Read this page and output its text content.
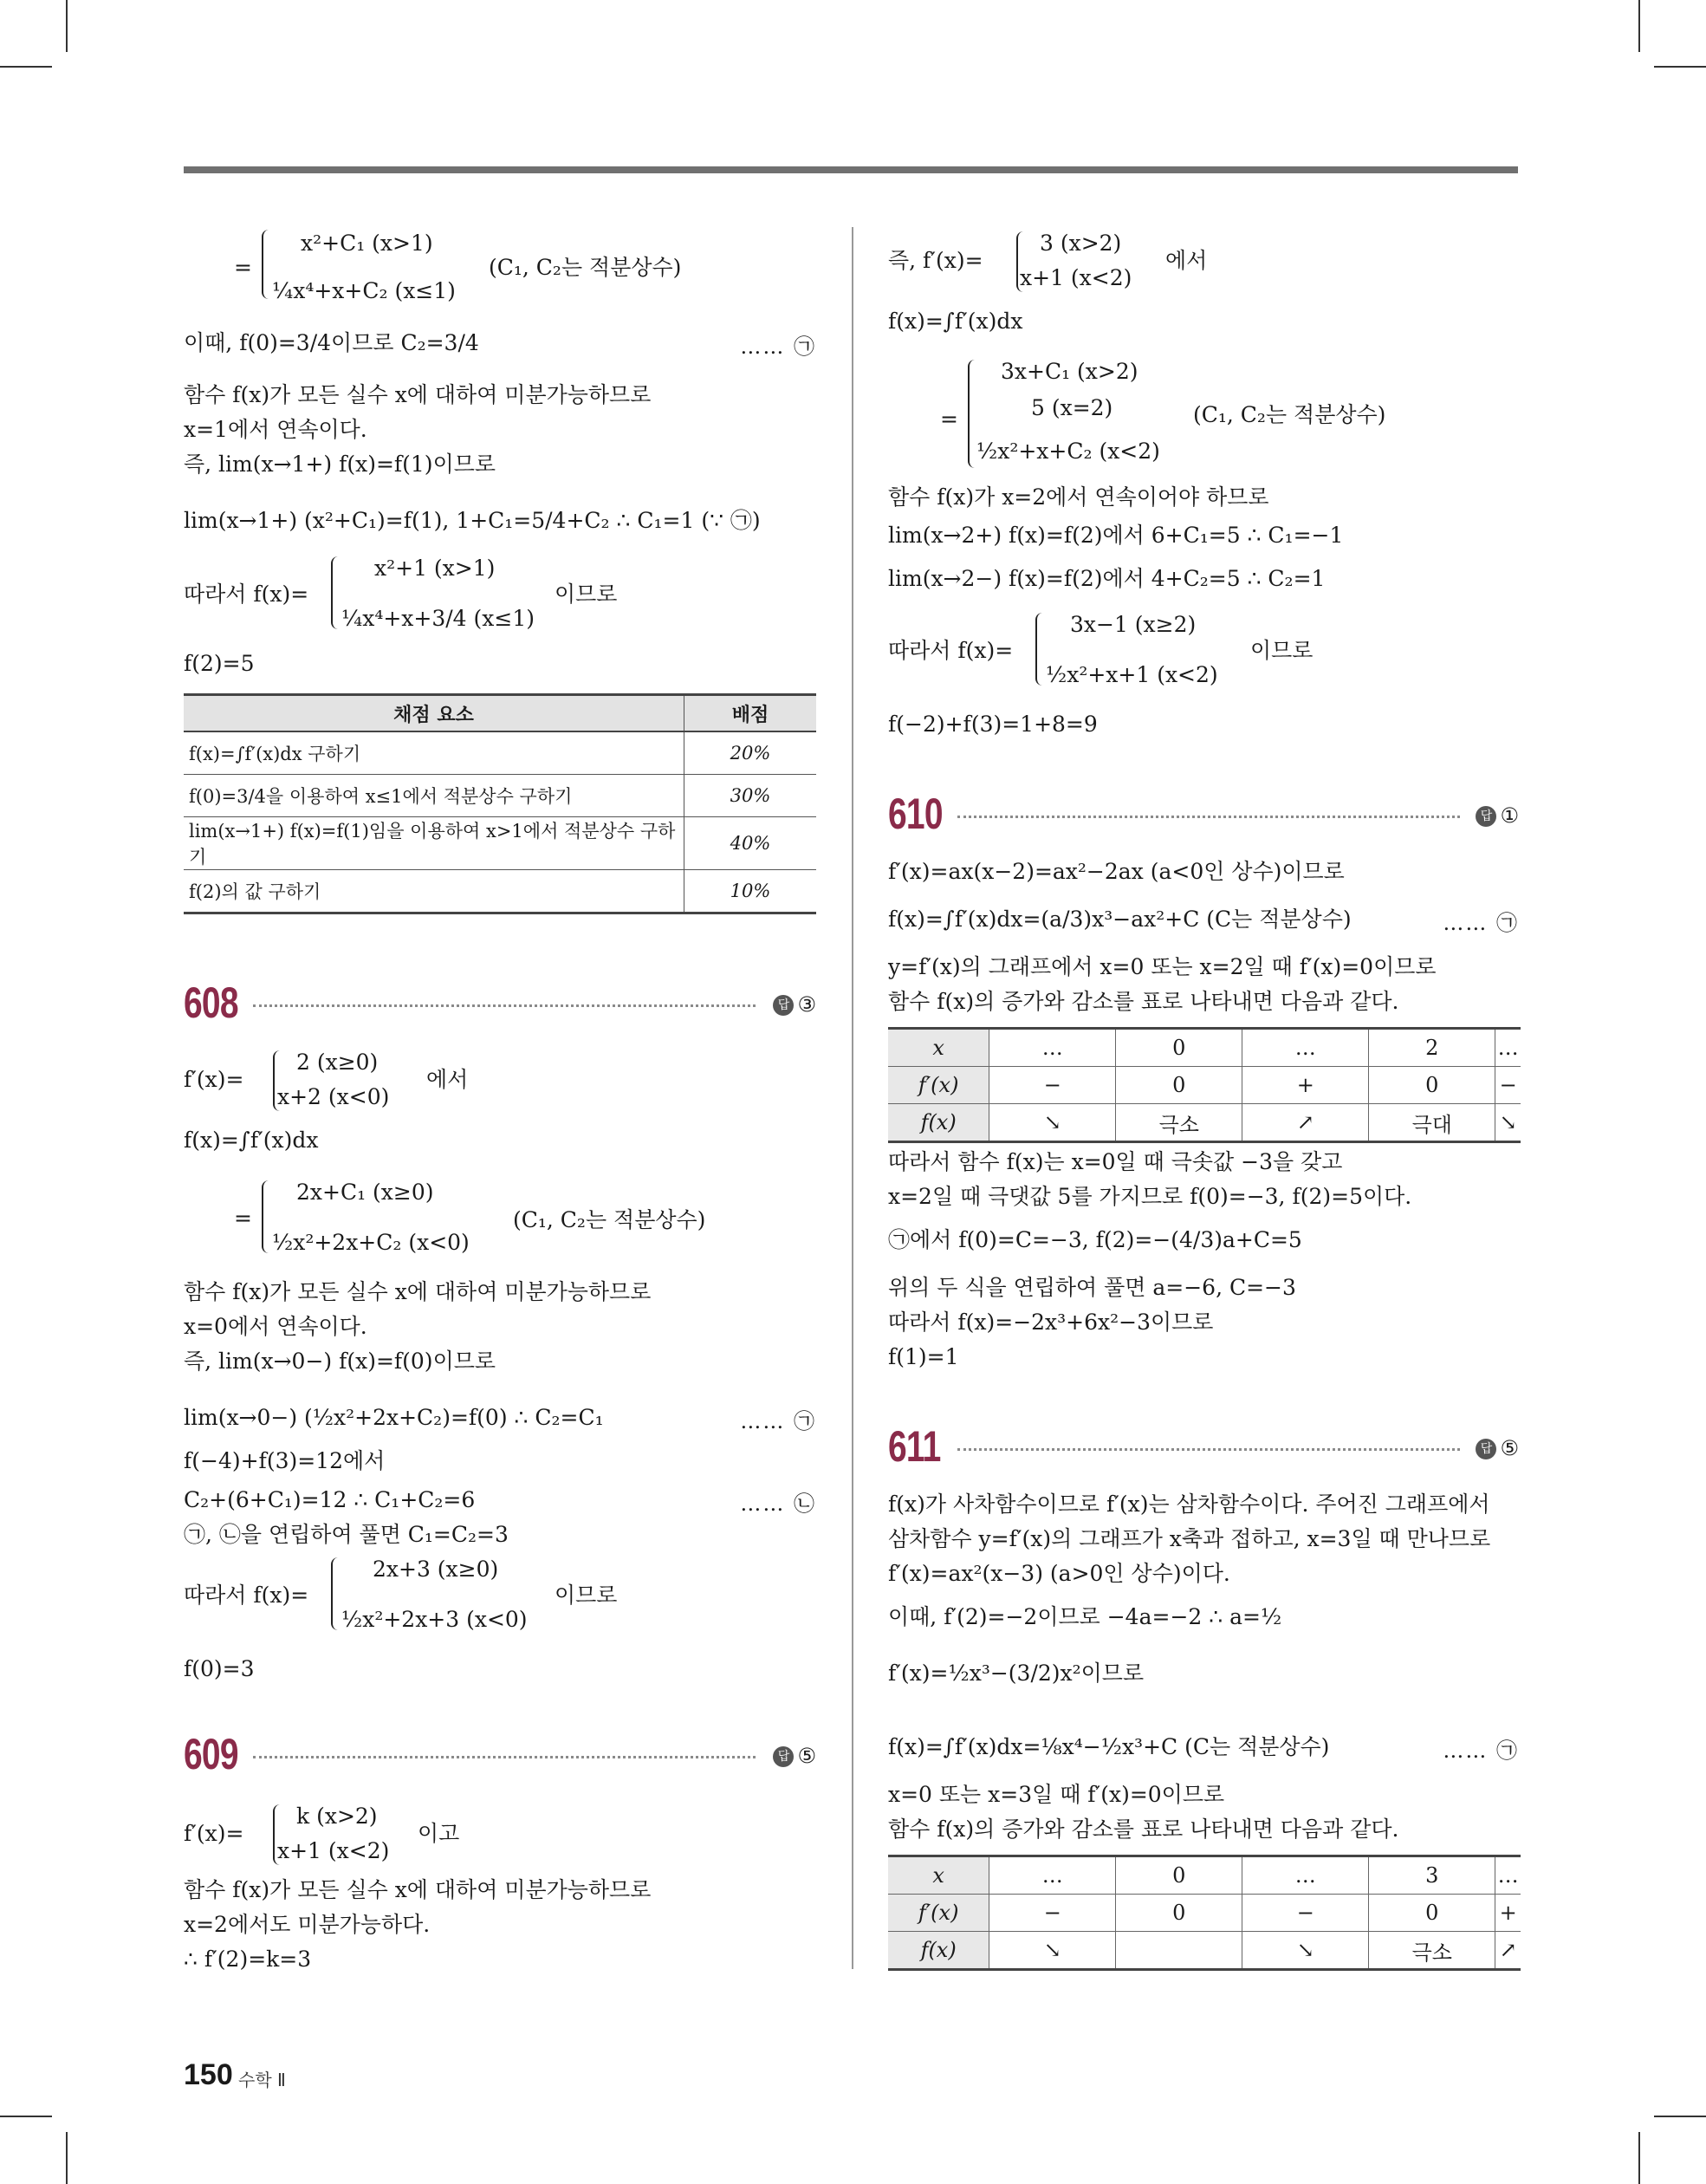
x²+C₁ (x>1)
=
¼x⁴+x+C₂ (x≤1)
(C₁, C₂는 적분상수)
이때, f(0)=3/4이므로 C₂=3/4	…… ㉠
함수 f(x)가 모든 실수 x에 대하여 미분가능하므로
x=1에서 연속이다.
즉, lim(x→1+) f(x)=f(1)이므로
lim(x→1+) (x²+C₁)=f(1), 1+C₁=5/4+C₂ ∴ C₁=1 (∵ ㉠)
x²+1 (x>1)
따라서 f(x)=
¼x⁴+x+3/4 (x≤1)
이므로
f(2)=5
채점 요소	배점
f(x)=∫f′(x)dx 구하기	20%
f(0)=3/4을 이용하여 x≤1에서 적분상수 구하기	30%
lim(x→1+) f(x)=f(1)임을 이용하여 x>1에서 적분상수 구하기	40%
f(2)의 값 구하기	10%
608	답 ③
2 (x≥0)
f′(x)=
x+2 (x<0)
에서
f(x)=∫f′(x)dx
2x+C₁ (x≥0)
=
½x²+2x+C₂ (x<0)
(C₁, C₂는 적분상수)
함수 f(x)가 모든 실수 x에 대하여 미분가능하므로
x=0에서 연속이다.
즉, lim(x→0−) f(x)=f(0)이므로
lim(x→0−) (½x²+2x+C₂)=f(0) ∴ C₂=C₁	…… ㉠
f(−4)+f(3)=12에서
C₂+(6+C₁)=12 ∴ C₁+C₂=6	…… ㉡
㉠, ㉡을 연립하여 풀면 C₁=C₂=3
2x+3 (x≥0)
따라서 f(x)=
½x²+2x+3 (x<0)
이므로
f(0)=3
609	답 ⑤
k (x>2)
f′(x)=
x+1 (x<2)
이고
함수 f(x)가 모든 실수 x에 대하여 미분가능하므로
x=2에서도 미분가능하다.
∴ f′(2)=k=3
3 (x>2)
즉, f′(x)=
x+1 (x<2)
에서
f(x)=∫f′(x)dx
3x+C₁ (x>2)
5 (x=2)
=
½x²+x+C₂ (x<2)
(C₁, C₂는 적분상수)
함수 f(x)가 x=2에서 연속이어야 하므로
lim(x→2+) f(x)=f(2)에서 6+C₁=5 ∴ C₁=−1
lim(x→2−) f(x)=f(2)에서 4+C₂=5 ∴ C₂=1
3x−1 (x≥2)
따라서 f(x)=
½x²+x+1 (x<2)
이므로
f(−2)+f(3)=1+8=9
610	답 ①
f′(x)=ax(x−2)=ax²−2ax (a<0인 상수)이므로
f(x)=∫f′(x)dx=(a/3)x³−ax²+C (C는 적분상수)	…… ㉠
y=f′(x)의 그래프에서 x=0 또는 x=2일 때 f′(x)=0이므로
함수 f(x)의 증가와 감소를 표로 나타내면 다음과 같다.
x	…	0	…	2	…
f′(x)	−	0	+	0	−
f(x)	↘	극소	↗	극대	↘
따라서 함수 f(x)는 x=0일 때 극솟값 −3을 갖고
x=2일 때 극댓값 5를 가지므로 f(0)=−3, f(2)=5이다.
㉠에서 f(0)=C=−3, f(2)=−(4/3)a+C=5
위의 두 식을 연립하여 풀면 a=−6, C=−3
따라서 f(x)=−2x³+6x²−3이므로
f(1)=1
611	답 ⑤
f(x)가 사차함수이므로 f′(x)는 삼차함수이다. 주어진 그래프에서
삼차함수 y=f′(x)의 그래프가 x축과 접하고, x=3일 때 만나므로
f′(x)=ax²(x−3) (a>0인 상수)이다.
이때, f′(2)=−2이므로 −4a=−2 ∴ a=½
f′(x)=½x³−(3/2)x²이므로
f(x)=∫f′(x)dx=⅛x⁴−½x³+C (C는 적분상수)	…… ㉠
x=0 또는 x=3일 때 f′(x)=0이므로
함수 f(x)의 증가와 감소를 표로 나타내면 다음과 같다.
x	…	0	…	3	…
f′(x)	−	0	−	0	+
f(x)	↘		↘	극소	↗
150 수학 Ⅱ
